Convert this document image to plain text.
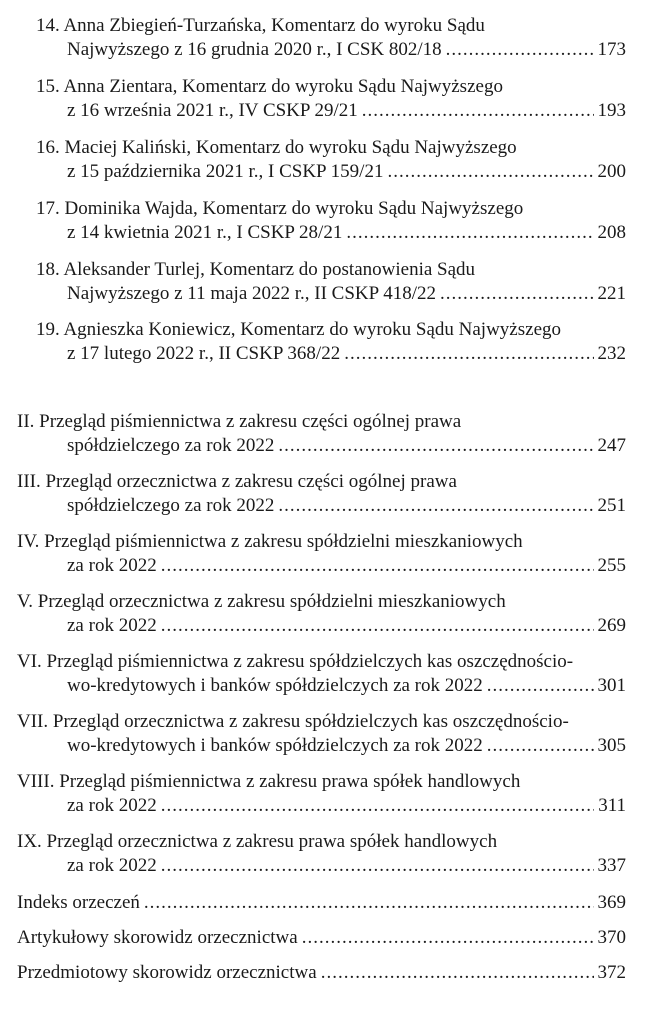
14. Anna Zbiegień-Turzańska, Komentarz do wyroku Sądu
Najwyższego z 16 grudnia 2020 r., I CSK 802/18 .....	173
15. Anna Zientara, Komentarz do wyroku Sądu Najwyższego
z 16 września 2021 r., IV CSKP 29/21 .....	193
16. Maciej Kaliński, Komentarz do wyroku Sądu Najwyższego
z 15 października 2021 r., I CSKP 159/21 .....	200
17. Dominika Wajda, Komentarz do wyroku Sądu Najwyższego
z 14 kwietnia 2021 r., I CSKP 28/21 .....	208
18. Aleksander Turlej, Komentarz do postanowienia Sądu
Najwyższego z 11 maja 2022 r., II CSKP 418/22 .....	221
19. Agnieszka Koniewicz, Komentarz do wyroku Sądu Najwyższego
z 17 lutego 2022 r., II CSKP 368/22 .....	232
II. Przegląd piśmiennictwa z zakresu części ogólnej prawa
spółdzielczego za rok 2022 .....	247
III. Przegląd orzecznictwa z zakresu części ogólnej prawa
spółdzielczego za rok 2022 .....	251
IV. Przegląd piśmiennictwa z zakresu spółdzielni mieszkaniowych
za rok 2022 .....	255
V. Przegląd orzecznictwa z zakresu spółdzielni mieszkaniowych
za rok 2022 .....	269
VI. Przegląd piśmiennictwa z zakresu spółdzielczych kas oszczędnościo-
wo-kredytowych i banków spółdzielczych za rok 2022 .....	301
VII. Przegląd orzecznictwa z zakresu spółdzielczych kas oszczędnościo-
wo-kredytowych i banków spółdzielczych za rok 2022 .....	305
VIII. Przegląd piśmiennictwa z zakresu prawa spółek handlowych
za rok 2022 .....	311
IX. Przegląd orzecznictwa z zakresu prawa spółek handlowych
za rok 2022 .....	337
Indeks orzeczeń .....	369
Artykułowy skorowidz orzecznictwa .....	370
Przedmiotowy skorowidz orzecznictwa .....	372
